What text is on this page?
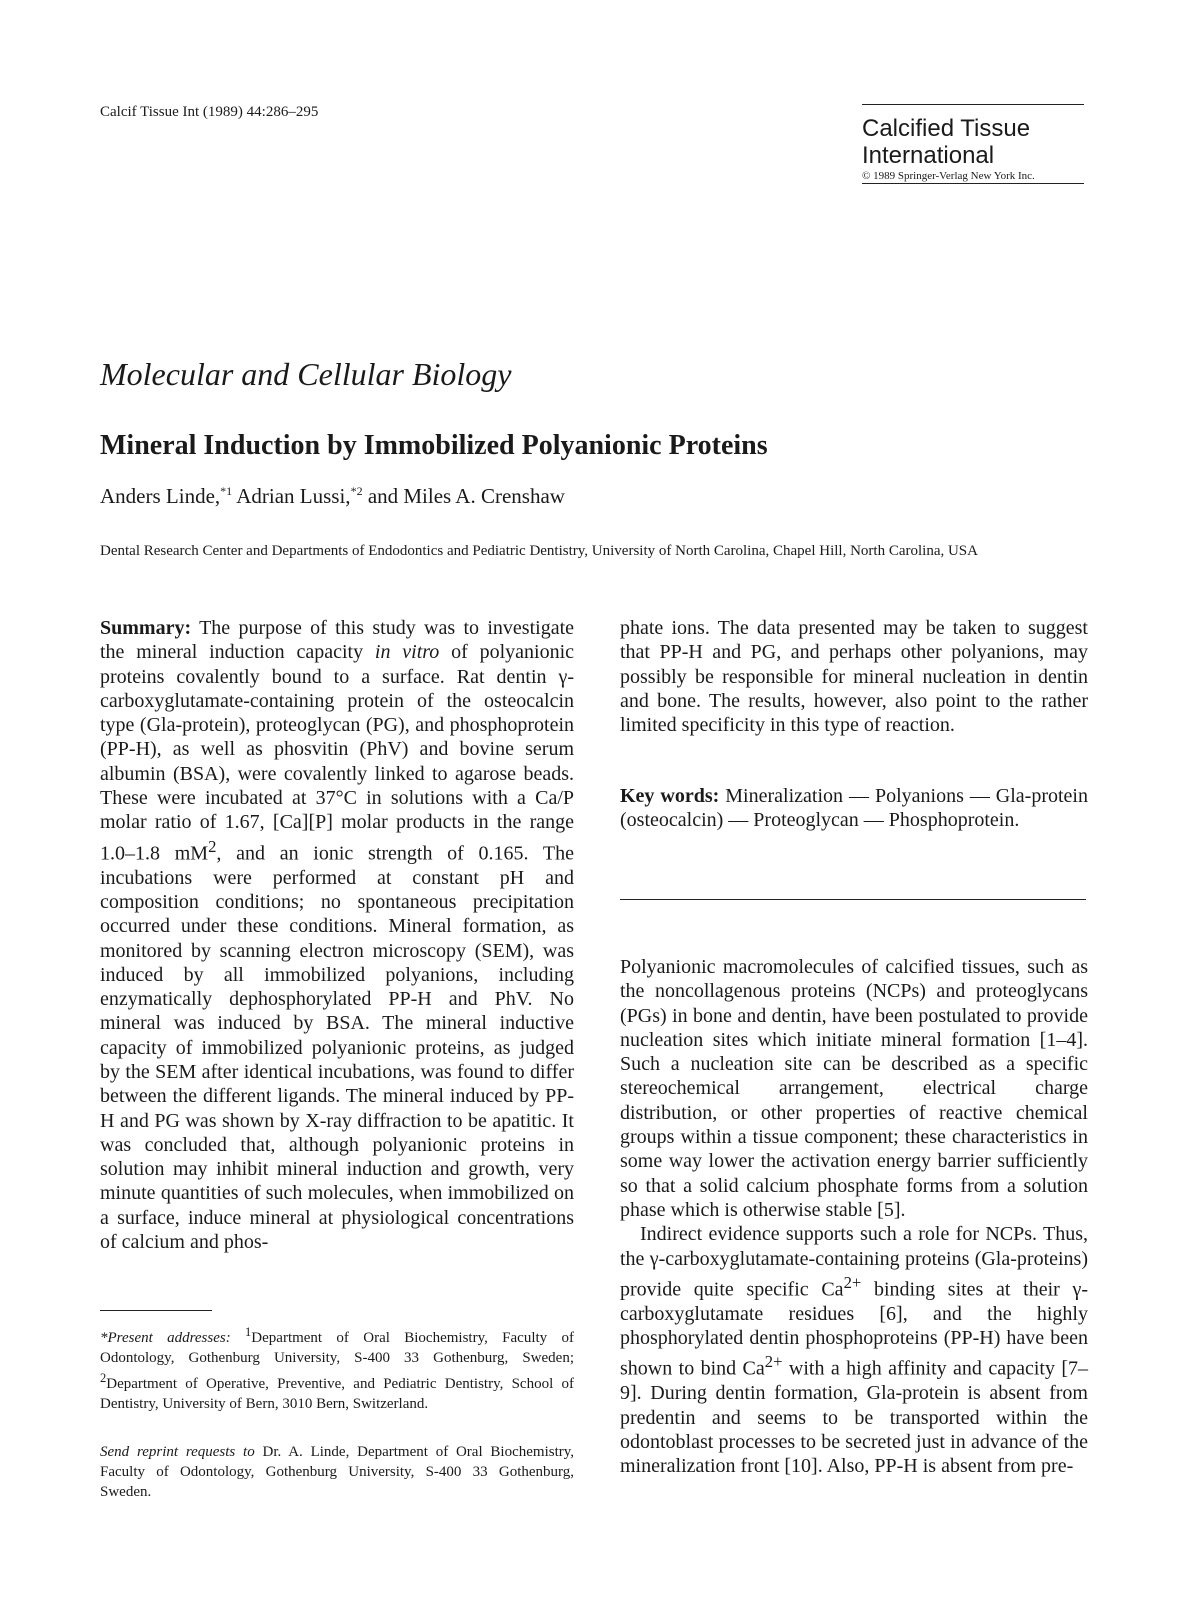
Calcif Tissue Int (1989) 44:286–295
Calcified Tissue
International
© 1989 Springer-Verlag New York Inc.
Molecular and Cellular Biology
Mineral Induction by Immobilized Polyanionic Proteins
Anders Linde,$^{*1}$ Adrian Lussi,$^{*2}$ and Miles A. Crenshaw
Dental Research Center and Departments of Endodontics and Pediatric Dentistry, University of North Carolina, Chapel Hill, North Carolina, USA

Summary: The purpose of this study was to investigate the mineral induction capacity in vitro of polyanionic proteins covalently bound to a surface. Rat dentin γ-carboxyglutamate-containing protein of the osteocalcin type (Gla-protein), proteoglycan (PG), and phosphoprotein (PP-H), as well as phosvitin (PhV) and bovine serum albumin (BSA), were covalently linked to agarose beads. These were incubated at 37°C in solutions with a Ca/P molar ratio of 1.67, [Ca][P] molar products in the range 1.0–1.8 $mM^2$, and an ionic strength of 0.165. The incubations were performed at constant pH and composition conditions; no spontaneous precipitation occurred under these conditions. Mineral formation, as monitored by scanning electron microscopy (SEM), was induced by all immobilized polyanions, including enzymatically dephosphorylated PP-H and PhV. No mineral was induced by BSA. The mineral inductive capacity of immobilized polyanionic proteins, as judged by the SEM after identical incubations, was found to differ between the different ligands. The mineral induced by PP-H and PG was shown by X-ray diffraction to be apatitic. It was concluded that, although polyanionic proteins in solution may inhibit mineral induction and growth, very minute quantities of such molecules, when immobilized on a surface, induce mineral at physiological concentrations of calcium and phos-

phate ions. The data presented may be taken to suggest that PP-H and PG, and perhaps other polyanions, may possibly be responsible for mineral nucleation in dentin and bone. The results, however, also point to the rather limited specificity in this type of reaction.

Key words: Mineralization — Polyanions — Gla-protein (osteocalcin) — Proteoglycan — Phosphoprotein.

Polyanionic macromolecules of calcified tissues, such as the noncollagenous proteins (NCPs) and proteoglycans (PGs) in bone and dentin, have been postulated to provide nucleation sites which initiate mineral formation [1–4]. Such a nucleation site can be described as a specific stereochemical arrangement, electrical charge distribution, or other properties of reactive chemical groups within a tissue component; these characteristics in some way lower the activation energy barrier sufficiently so that a solid calcium phosphate forms from a solution phase which is otherwise stable [5].

Indirect evidence supports such a role for NCPs. Thus, the γ-carboxyglutamate-containing proteins (Gla-proteins) provide quite specific $Ca^{2+}$ binding sites at their γ-carboxyglutamate residues [6], and the highly phosphorylated dentin phosphoproteins (PP-H) have been shown to bind $Ca^{2+}$ with a high affinity and capacity [7–9]. During dentin formation, Gla-protein is absent from predentin and seems to be transported within the odontoblast processes to be secreted just in advance of the mineralization front [10]. Also, PP-H is absent from pre-

*Present addresses: $^1$Department of Oral Biochemistry, Faculty of Odontology, Gothenburg University, S-400 33 Gothenburg, Sweden; $^2$Department of Operative, Preventive, and Pediatric Dentistry, School of Dentistry, University of Bern, 3010 Bern, Switzerland.
Send reprint requests to Dr. A. Linde, Department of Oral Biochemistry, Faculty of Odontology, Gothenburg University, S-400 33 Gothenburg, Sweden.
